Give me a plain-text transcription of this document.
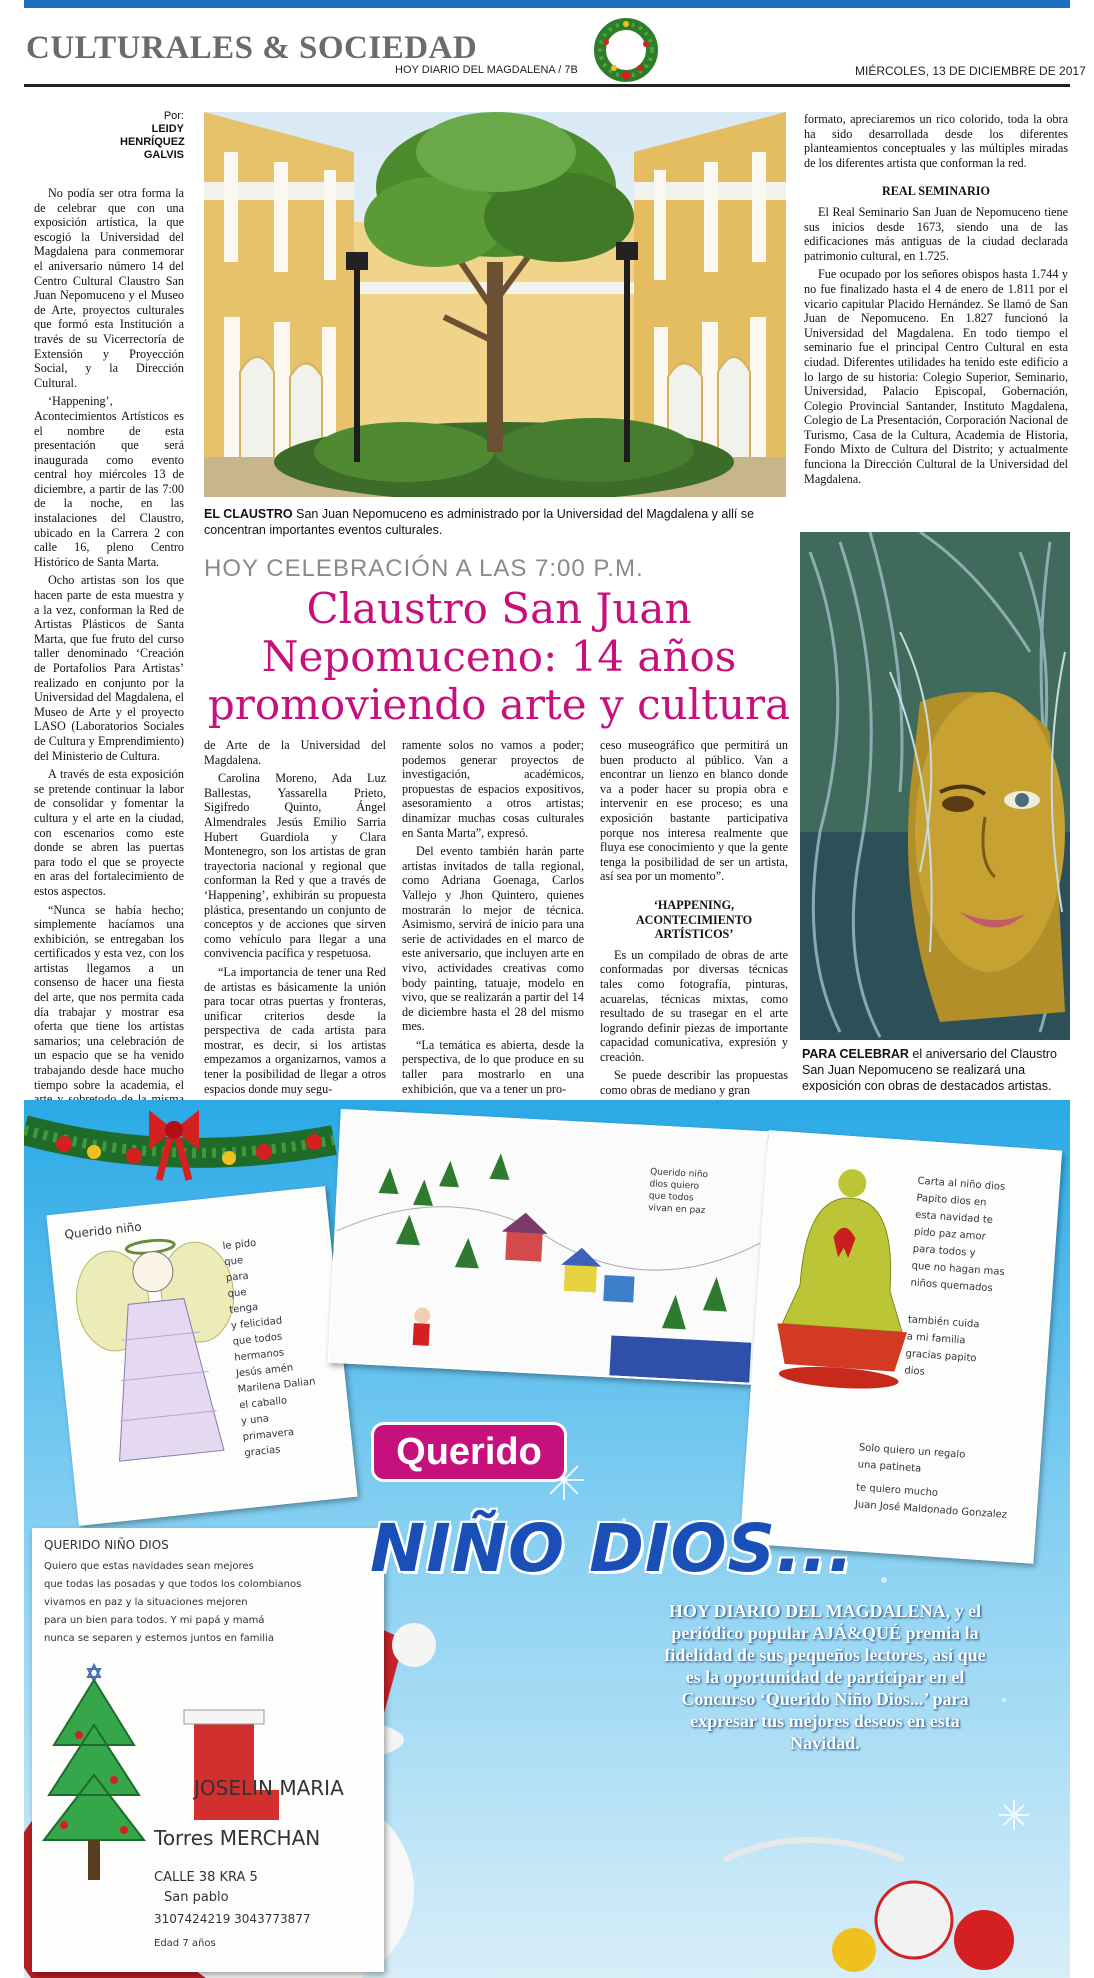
CULTURALES & SOCIEDAD
HOY DIARIO DEL MAGDALENA / 7B	MIÉRCOLES, 13 DE DICIEMBRE DE 2017
Por:
LEIDY
HENRÍQUEZ
GALVIS

No podía ser otra forma la de celebrar que con una exposición artística, la que escogió la Universidad del Magdalena para conmemorar el aniversario número 14 del Centro Cultural Claustro San Juan Nepomuceno y el Museo de Arte, proyectos culturales que formó esta Institución a través de su Vicerrectoría de Extensión y Proyección Social, y la Dirección Cultural.

‘Happening’, Acontecimientos Artísticos es el nombre de esta presentación que será inaugurada como evento central hoy miércoles 13 de diciembre, a partir de las 7:00 de la noche, en las instalaciones del Claustro, ubicado en la Carrera 2 con calle 16, pleno Centro Histórico de Santa Marta.

Ocho artistas son los que hacen parte de esta muestra y a la vez, conforman la Red de Artistas Plásticos de Santa Marta, que fue fruto del curso taller denominado ‘Creación de Portafolios Para Artistas’ realizado en conjunto por la Universidad del Magdalena, el Museo de Arte y el proyecto LASO (Laboratorios Sociales de Cultura y Emprendimiento) del Ministerio de Cultura.

A través de esta exposición se pretende continuar la labor de consolidar y fomentar la cultura y el arte en la ciudad, con escenarios como este donde se abren las puertas para todo el que se proyecte en aras del fortalecimiento de estos aspectos.

“Nunca se había hecho; simplemente hacíamos una exhibición, se entregaban los certificados y esta vez, con los artistas llegamos a un consenso de hacer una fiesta del arte, que nos permita cada día trabajar y mostrar esa oferta que tiene los artistas samarios; una celebración de un espacio que se ha venido trabajando desde hace mucho tiempo sobre la academia, el

EL CLAUSTRO San Juan Nepomuceno es administrado por la Universidad del Magdalena y allí se concentran importantes eventos culturales.
HOY CELEBRACIÓN A LAS 7:00 P.M.
Claustro San Juan Nepomuceno: 14 años promoviendo arte y cultura

de Arte de la Universidad del Magdalena.

Carolina Moreno, Ada Luz Ballestas, Yassarella Prieto, Sigifredo Quinto, Ángel Almendrales Jesús Emilio Sarria Hubert Guardiola y Clara Montenegro, son los artistas de gran trayectoria nacional y regional que conforman la Red y que a través de ‘Happening’, exhibirán su propuesta plástica, presentando un conjunto de conceptos y de acciones que sirven como vehículo para llegar a una convivencia pacífica y respetuosa.

“La importancia de tener una Red de artistas es básicamente la unión para tocar otras puertas y fronteras, unificar criterios desde la perspectiva de cada artista para mostrar, es decir, si los artistas empezamos a organizarnos, vamos a tener la posibilidad de llegar a otros espacios donde muy segu-

ramente solos no vamos a poder; podemos generar proyectos de investigación, académicos, propuestas de espacios expositivos, asesoramiento a otros artistas; dinamizar muchas cosas culturales en Santa Marta”, expresó.

Del evento también harán parte artistas invitados de talla regional, como Adriana Goenaga, Carlos Vallejo y Jhon Quintero, quienes mostrarán lo mejor de técnica. Asimismo, servirá de inicio para una serie de actividades en el marco de este aniversario, que incluyen arte en vivo, actividades creativas como body painting, tatuaje, modelo en vivo, que se realizarán a partir del 14 de diciembre hasta el 28 del mismo mes.

“La temática es abierta, desde la perspectiva, de lo que produce en su taller para mostrarlo en una exhibición, que va a tener un pro-

ceso museográfico que permitirá un buen producto al público. Van a encontrar un lienzo en blanco donde va a poder hacer su propia obra e intervenir en ese proceso; es una exposición bastante participativa porque nos interesa realmente que fluya ese conocimiento y que la gente tenga la posibilidad de ser un artista, así sea por un momento”.

‘HAPPENING, ACONTECIMIENTO ARTÍSTICOS’

Es un compilado de obras de arte conformadas por diversas técnicas tales como fotografía, pinturas, acuarelas, técnicas mixtas, como resultado de su trasegar en el arte logrando definir piezas de importante capacidad comunicativa, expresión y creación.

Se puede describir las propuestas como obras de mediano y gran

formato, apreciaremos un rico colorido, toda la obra ha sido desarrollada desde los diferentes planteamientos conceptuales y las múltiples miradas de los diferentes artista que conforman la red.

REAL SEMINARIO

El Real Seminario San Juan de Nepomuceno tiene sus inicios desde 1673, siendo una de las edificaciones más antiguas de la ciudad declarada patrimonio cultural, en 1.725.

Fue ocupado por los señores obispos hasta 1.744 y no fue finalizado hasta el 4 de enero de 1.811 por el vicario capitular Placido Hernández. Se llamó de San Juan de Nepomuceno. En 1.827 funcionó la Universidad del Magdalena. En todo tiempo el seminario fue el principal Centro Cultural en esta ciudad. Diferentes utilidades ha tenido este edificio a lo largo de su historia: Colegio Superior, Seminario, Universidad, Palacio Episcopal, Gobernación, Colegio Provincial Santander, Instituto Magdalena, Colegio de La Presentación, Corporación Nacional de Turismo, Casa de la Cultura, Academia de Historia, Fondo Mixto de Cultura del Distrito; y actualmente funciona la Dirección Cultural de la Universidad del Magdalena.

PARA CELEBRAR el aniversario del Claustro San Juan Nepomuceno se realizará una exposición con obras de destacados artistas.
Querido niño
le pido
que
para
que
tenga
y felicidad
que todos
hermanos
Jesús amén
Marilena Dalian
el caballo
y una
primavera
gracias
Querido niño
dios quiero
que todos
vivan en paz
Carta al niño dios
Papito dios en
esta navidad te
pido paz amor
para todos y
que no hagan mas
niños quemados
también cuida
a mi familia
gracias papito
dios
Solo quiero un regalo
una patineta
te quiero mucho
Juan José Maldonado Gonzalez
QUERIDO NIÑO DIOS
Quiero que estas navidades sean mejores
que todas las posadas y que todos los colombianos
vivamos en paz y la situaciones mejoren
para un bien para todos. Y mi papá y mamá
nunca se separen y estemos juntos en familia
JOSELIN MARIA
Torres MERCHAN
CALLE 38 KRA 5
San pablo
3107424219 3043773877
Edad 7 años
Querido
NIÑO DIOS...
HOY DIARIO DEL MAGDALENA, y el periódico popular AJÁ&QUÉ premia la fidelidad de sus pequeños lectores, así que es la oportunidad de participar en el Concurso ‘Querido Niño Dios...’ para expresar tus mejores deseos en esta Navidad.
